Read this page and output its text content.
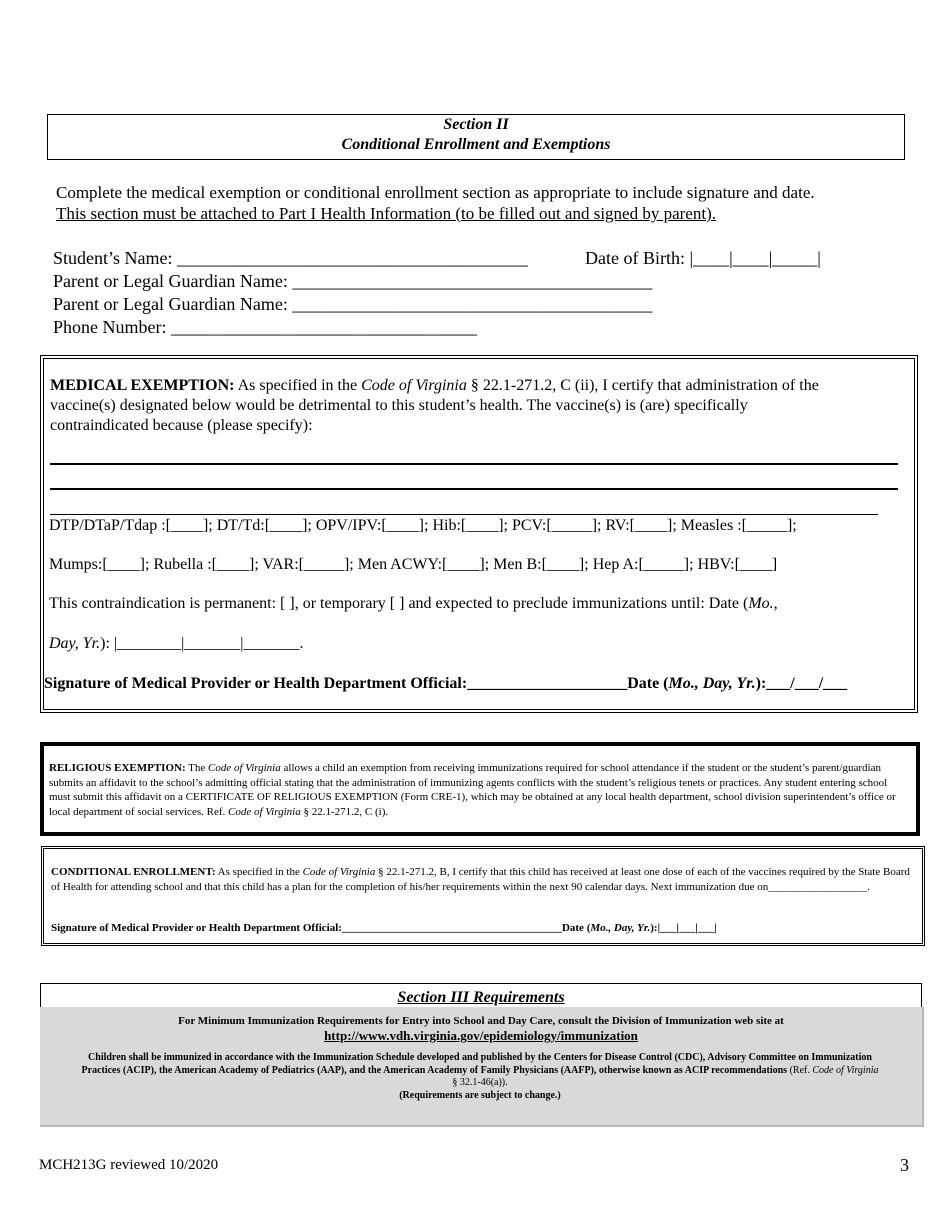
Section II
Conditional Enrollment and Exemptions
Complete the medical exemption or conditional enrollment section as appropriate to include signature and date.
This section must be attached to Part I Health Information (to be filled out and signed by parent).
Student’s Name: _______________________________________	Date of Birth: |____|____|_____|
Parent or Legal Guardian Name: ________________________________________
Parent or Legal Guardian Name: ________________________________________
Phone Number: __________________________________
MEDICAL EXEMPTION: As specified in the Code of Virginia § 22.1-271.2, C (ii), I certify that administration of the vaccine(s) designated below would be detrimental to this student’s health. The vaccine(s) is (are) specifically contraindicated because (please specify):
DTP/DTaP/Tdap :[____]; DT/Td:[____]; OPV/IPV:[____]; Hib:[____]; PCV:[_____]; RV:[____]; Measles :[_____];
Mumps:[____]; Rubella :[____]; VAR:[_____]; Men ACWY:[____]; Men B:[____]; Hep A:[_____]; HBV:[____]
This contraindication is permanent: [ ], or temporary [ ] and expected to preclude immunizations until: Date (Mo.,
Day, Yr.): |________|_______|_______.
Signature of Medical Provider or Health Department Official:____________________Date (Mo., Day, Yr.):___/___/___
RELIGIOUS EXEMPTION: The Code of Virginia allows a child an exemption from receiving immunizations required for school attendance if the student or the student’s parent/guardian submits an affidavit to the school’s admitting official stating that the administration of immunizing agents conflicts with the student’s religious tenets or practices. Any student entering school must submit this affidavit on a CERTIFICATE OF RELIGIOUS EXEMPTION (Form CRE-1), which may be obtained at any local health department, school division superintendent’s office or local department of social services. Ref. Code of Virginia § 22.1-271.2, C (i).
CONDITIONAL ENROLLMENT: As specified in the Code of Virginia § 22.1-271.2, B, I certify that this child has received at least one dose of each of the vaccines required by the State Board of Health for attending school and that this child has a plan for the completion of his/her requirements within the next 90 calendar days. Next immunization due on__________________.
Signature of Medical Provider or Health Department Official:________________________________________Date (Mo., Day, Yr.):|___|___|___|
Section III Requirements
For Minimum Immunization Requirements for Entry into School and Day Care, consult the Division of Immunization web site at
http://www.vdh.virginia.gov/epidemiology/immunization
Children shall be immunized in accordance with the Immunization Schedule developed and published by the Centers for Disease Control (CDC), Advisory Committee on Immunization Practices (ACIP), the American Academy of Pediatrics (AAP), and the American Academy of Family Physicians (AAFP), otherwise known as ACIP recommendations (Ref. Code of Virginia § 32.1-46(a)).
(Requirements are subject to change.)
MCH213G reviewed 10/2020	3
